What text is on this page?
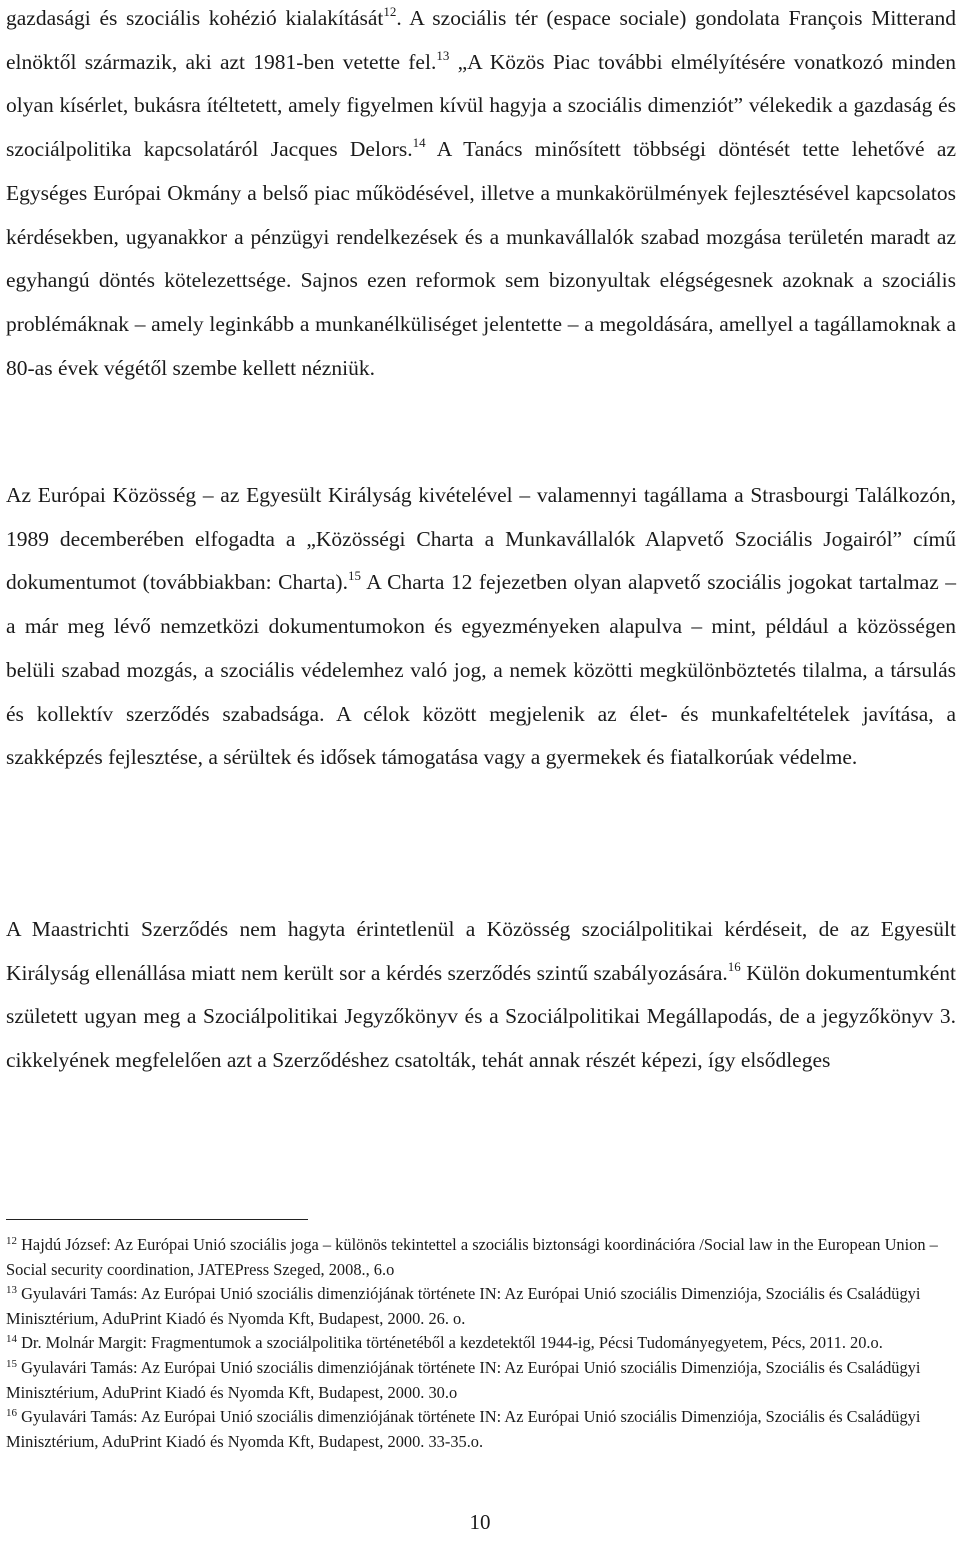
gazdasági és szociális kohézió kialakítását$^{12}$. A szociális tér (espace sociale) gondolata François Mitterand elnöktől származik, aki azt 1981-ben vetette fel.$^{13}$ „A Közös Piac további elmélyítésére vonatkozó minden olyan kísérlet, bukásra ítéltetett, amely figyelmen kívül hagyja a szociális dimenziót” vélekedik a gazdaság és szociálpolitika kapcsolatáról Jacques Delors.$^{14}$ A Tanács minősített többségi döntését tette lehetővé az Egységes Európai Okmány a belső piac működésével, illetve a munkakörülmények fejlesztésével kapcsolatos kérdésekben, ugyanakkor a pénzügyi rendelkezések és a munkavállalók szabad mozgása területén maradt az egyhangú döntés kötelezettsége. Sajnos ezen reformok sem bizonyultak elégségesnek azoknak a szociális problémáknak – amely leginkább a munkanélküliséget jelentette – a megoldására, amellyel a tagállamoknak a 80-as évek végétől szembe kellett nézniük.

Az Európai Közösség – az Egyesült Királyság kivételével – valamennyi tagállama a Strasbourgi Találkozón, 1989 decemberében elfogadta a „Közösségi Charta a Munkavállalók Alapvető Szociális Jogairól” című dokumentumot (továbbiakban: Charta).$^{15}$ A Charta 12 fejezetben olyan alapvető szociális jogokat tartalmaz – a már meg lévő nemzetközi dokumentumokon és egyezményeken alapulva – mint, például a közösségen belüli szabad mozgás, a szociális védelemhez való jog, a nemek közötti megkülönböztetés tilalma, a társulás és kollektív szerződés szabadsága. A célok között megjelenik az élet- és munkafeltételek javítása, a szakképzés fejlesztése, a sérültek és idősek támogatása vagy a gyermekek és fiatalkorúak védelme.

A Maastrichti Szerződés nem hagyta érintetlenül a Közösség szociálpolitikai kérdéseit, de az Egyesült Királyság ellenállása miatt nem került sor a kérdés szerződés szintű szabályozására.$^{16}$ Külön dokumentumként született ugyan meg a Szociálpolitikai Jegyzőkönyv és a Szociálpolitikai Megállapodás, de a jegyzőkönyv 3. cikkelyének megfelelően azt a Szerződéshez csatolták, tehát annak részét képezi, így elsődleges

$^{12}$ Hajdú József: Az Európai Unió szociális joga – különös tekintettel a szociális biztonsági koordinációra /Social law in the European Union – Social security coordination, JATEPress Szeged, 2008., 6.o

$^{13}$ Gyulavári Tamás: Az Európai Unió szociális dimenziójának története IN: Az Európai Unió szociális Dimenziója, Szociális és Családügyi Minisztérium, AduPrint Kiadó és Nyomda Kft, Budapest, 2000. 26. o.

$^{14}$ Dr. Molnár Margit: Fragmentumok a szociálpolitika történetéből a kezdetektől 1944-ig, Pécsi Tudományegyetem, Pécs, 2011. 20.o.

$^{15}$ Gyulavári Tamás: Az Európai Unió szociális dimenziójának története IN: Az Európai Unió szociális Dimenziója, Szociális és Családügyi Minisztérium, AduPrint Kiadó és Nyomda Kft, Budapest, 2000. 30.o

$^{16}$ Gyulavári Tamás: Az Európai Unió szociális dimenziójának története IN: Az Európai Unió szociális Dimenziója, Szociális és Családügyi Minisztérium, AduPrint Kiadó és Nyomda Kft, Budapest, 2000. 33-35.o.

10
